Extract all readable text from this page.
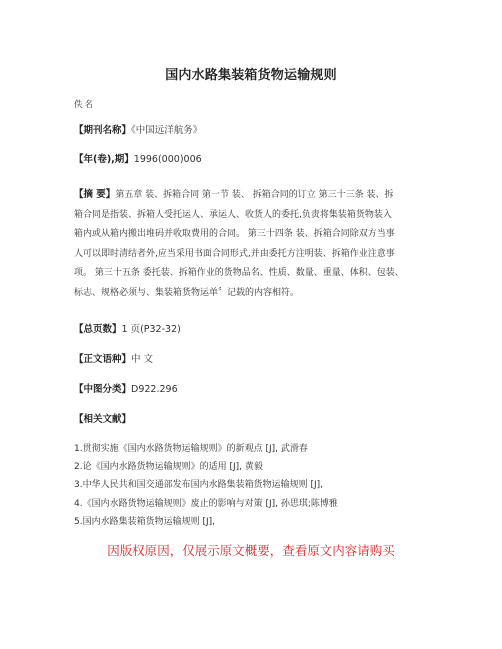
国内水路集装箱货物运输规则
佚名
【期刊名称】《中国远洋航务》
【年(卷),期】1996(000)006
【摘 要】第五章 装、拆箱合同 第一节 装、 拆箱合同的订立 第三十三条 装、拆
箱合同是指装、拆箱人受托运人、承运人、收货人的委托,负责将集装箱货物装入
箱内或从箱内搬出堆码并收取费用的合同。 第三十四条 装、拆箱合同除双方当事
人可以即时清结者外,应当采用书面合同形式,并由委托方注明装、拆箱作业注意事
项。 第三十五条 委托装、拆箱作业的货物品名、性质、数量、重量、体积、包装、
标志、规格必须与、集装箱货物运单〞记载的内容相符。
【总页数】1 页(P32-32)
【正文语种】中 文
【中图分类】D922.296
【相关文献】
1.贯彻实施《国内水路货物运输规则》的新观点 [J], 武滑春
2.论《国内水路货物运输规则》的适用 [J], 黄毅
3.中华人民共和国交通部发布国内水路集装箱货物运输规则 [J],
4.《国内水路货物运输规则》废止的影响与对策 [J], 孙思琪;陈博雅
5.国内水路集装箱货物运输规则 [J],
因版权原因，仅展示原文概要，查看原文内容请购买
